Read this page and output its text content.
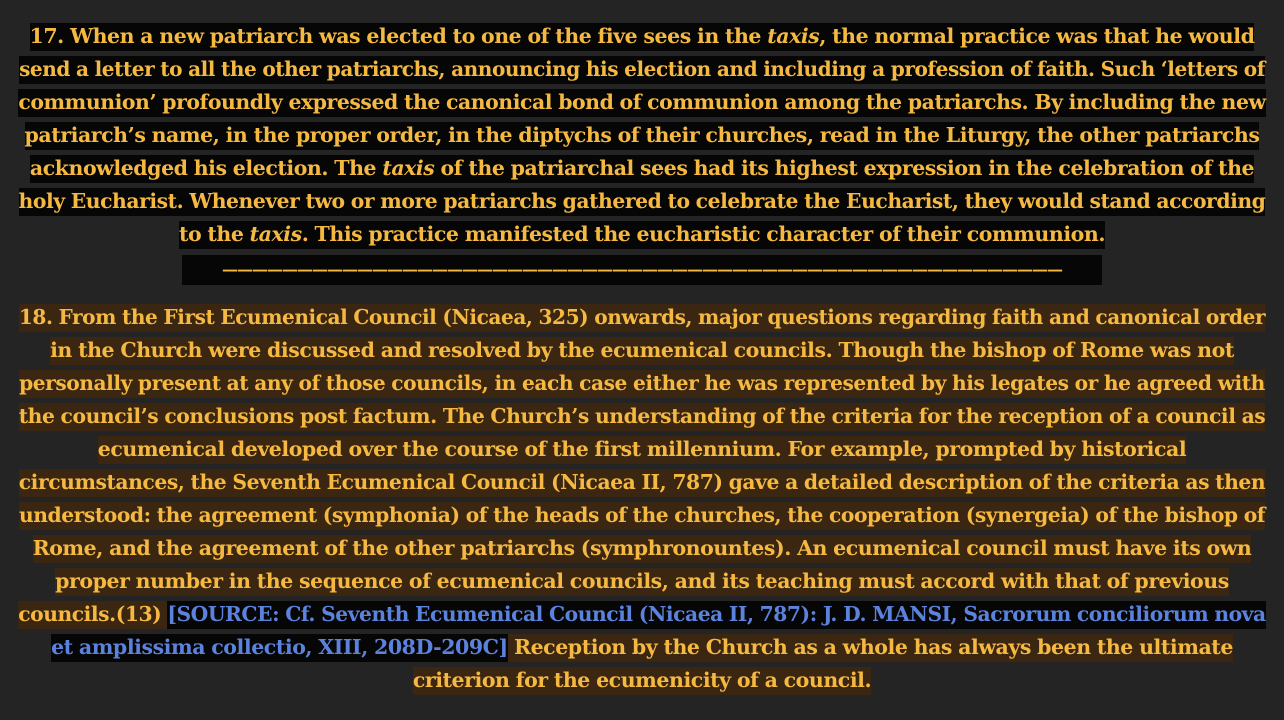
17. When a new patriarch was elected to one of the five sees in the taxis, the normal practice was that he would
send a letter to all the other patriarchs, announcing his election and including a profession of faith. Such ‘letters of
communion’ profoundly expressed the canonical bond of communion among the patriarchs. By including the new
patriarch’s name, in the proper order, in the diptychs of their churches, read in the Liturgy, the other patriarchs
acknowledged his election. The taxis of the patriarchal sees had its highest expression in the celebration of the
holy Eucharist. Whenever two or more patriarchs gathered to celebrate the Eucharist, they would stand according
to the taxis. This practice manifested the eucharistic character of their communion.

————————————————————————————————————————————————————————

18. From the First Ecumenical Council (Nicaea, 325) onwards, major questions regarding faith and canonical order
in the Church were discussed and resolved by the ecumenical councils. Though the bishop of Rome was not
personally present at any of those councils, in each case either he was represented by his legates or he agreed with
the council’s conclusions post factum. The Church’s understanding of the criteria for the reception of a council as
ecumenical developed over the course of the first millennium. For example, prompted by historical
circumstances, the Seventh Ecumenical Council (Nicaea II, 787) gave a detailed description of the criteria as then
understood: the agreement (symphonia) of the heads of the churches, the cooperation (synergeia) of the bishop of
Rome, and the agreement of the other patriarchs (symphronountes). An ecumenical council must have its own
proper number in the sequence of ecumenical councils, and its teaching must accord with that of previous
councils.(13) [SOURCE: Cf. Seventh Ecumenical Council (Nicaea II, 787): J. D. MANSI, Sacrorum conciliorum nova
et amplissima collectio, XIII, 208D-209C] Reception by the Church as a whole has always been the ultimate
criterion for the ecumenicity of a council.
